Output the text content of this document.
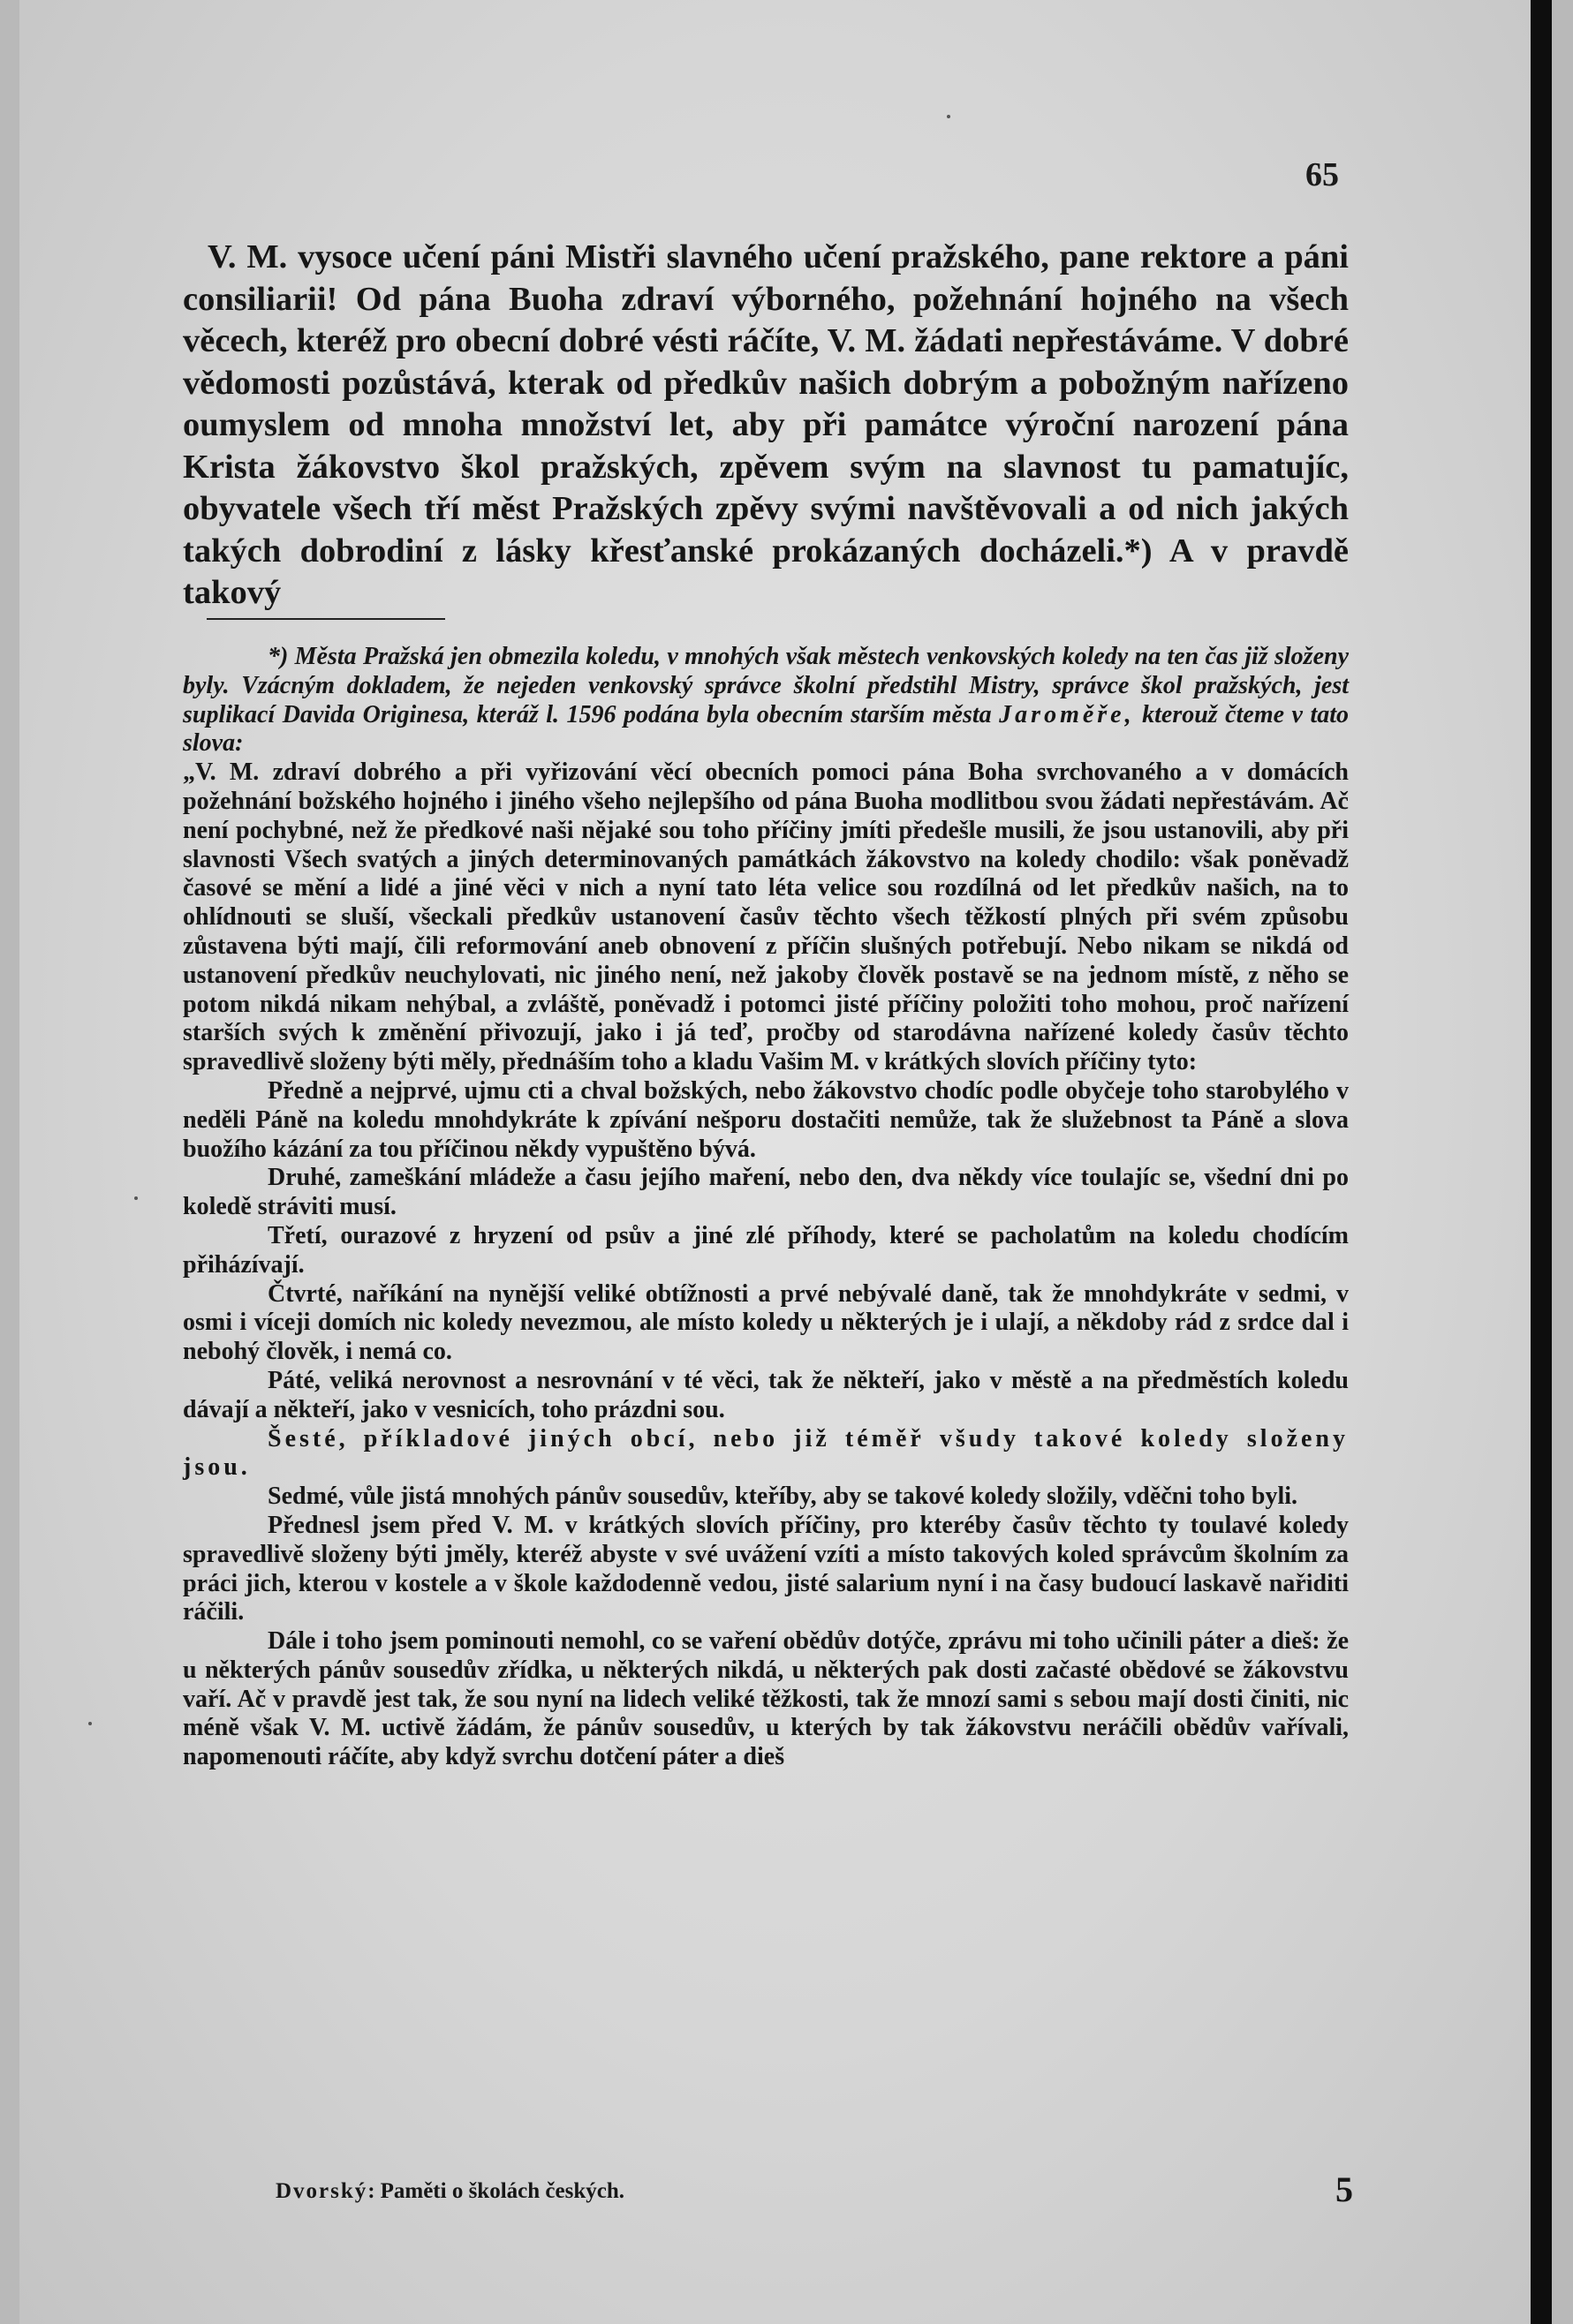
65

V. M. vysoce učení páni Mistři slavného učení pražského, pane rektore a páni consiliarii! Od pána Buoha zdraví výborného, požehnání hojného na všech věcech, kteréž pro obecní dobré vésti ráčíte, V. M. žádati nepřestáváme. V dobré vědomosti pozůstává, kterak od předkův našich dobrým a pobožným nařízeno oumyslem od mnoha množství let, aby při památce výroční narození pána Krista žákovstvo škol pražských, zpěvem svým na slavnost tu pamatujíc, obyvatele všech tří měst Pražských zpěvy svými navštěvovali a od nich jakých takých dobrodiní z lásky křesťanské prokázaných docházeli.*) A v pravdě takový

*) Města Pražská jen obmezila koledu, v mnohých však městech venkovských koledy na ten čas již složeny byly. Vzácným dokladem, že nejeden venkovský správce školní předstihl Mistry, správce škol pražských, jest suplikací Davida Originesa, kteráž l. 1596 podána byla obecním starším města Jaroměře, kterouž čteme v tato slova:

„V. M. zdraví dobrého a při vyřizování věcí obecních pomoci pána Boha svrchovaného a v domácích požehnání božského hojného i jiného všeho nejlepšího od pána Buoha modlitbou svou žádati nepřestávám. Ač není pochybné, než že předkové naši nějaké sou toho příčiny jmíti předešle musili, že jsou ustanovili, aby při slavnosti Všech svatých a jiných determinovaných památkách žákovstvo na koledy chodilo: však poněvadž časové se mění a lidé a jiné věci v nich a nyní tato léta velice sou rozdílná od let předkův našich, na to ohlídnouti se sluší, všeckali předkův ustanovení časův těchto všech těžkostí plných při svém způsobu zůstavena býti mají, čili reformování aneb obnovení z příčin slušných potřebují. Nebo nikam se nikdá od ustanovení předkův neuchylovati, nic jiného není, než jakoby člověk postavě se na jednom místě, z něho se potom nikdá nikam nehýbal, a zvláště, poněvadž i potomci jisté příčiny položiti toho mohou, proč nařízení starších svých k změnění přivozují, jako i já teď, pročby od starodávna nařízené koledy časův těchto spravedlivě složeny býti měly, přednáším toho a kladu Vašim M. v krátkých slovích příčiny tyto:

Předně a nejprvé, ujmu cti a chval božských, nebo žákovstvo chodíc podle obyčeje toho starobylého v neděli Páně na koledu mnohdykráte k zpívání nešporu dostačiti nemůže, tak že služebnost ta Páně a slova buožího kázání za tou příčinou někdy vypuštěno bývá.

Druhé, zameškání mládeže a času jejího maření, nebo den, dva někdy více toulajíc se, všední dni po koledě stráviti musí.

Třetí, ourazové z hryzení od psův a jiné zlé příhody, které se pacholatům na koledu chodícím přiházívají.

Čtvrté, naříkání na nynější veliké obtížnosti a prvé nebývalé daně, tak že mnohdykráte v sedmi, v osmi i víceji domích nic koledy nevezmou, ale místo koledy u některých je i ulají, a někdoby rád z srdce dal i nebohý člověk, i nemá co.

Páté, veliká nerovnost a nesrovnání v té věci, tak že někteří, jako v městě a na předměstích koledu dávají a někteří, jako v vesnicích, toho prázdni sou.

Šesté, příkladové jiných obcí, nebo již téměř všudy takové koledy složeny jsou.

Sedmé, vůle jistá mnohých pánův sousedův, kteříby, aby se takové koledy složily, vděčni toho byli.

Přednesl jsem před V. M. v krátkých slovích příčiny, pro kteréby časův těchto ty toulavé koledy spravedlivě složeny býti jměly, kteréž abyste v své uvážení vzíti a místo takových koled správcům školním za práci jich, kterou v kostele a v škole každodenně vedou, jisté salarium nyní i na časy budoucí laskavě nařiditi ráčili.

Dále i toho jsem pominouti nemohl, co se vaření obědův dotýče, zprávu mi toho učinili páter a dieš: že u některých pánův sousedův zřídka, u některých nikdá, u některých pak dosti začasté obědové se žákovstvu vaří. Ač v pravdě jest tak, že sou nyní na lidech veliké těžkosti, tak že mnozí sami s sebou mají dosti činiti, nic méně však V. M. uctivě žádám, že pánův sousedův, u kterých by tak žákovstvu neráčili obědův vařívali, napomenouti ráčíte, aby když svrchu dotčení páter a dieš

Dvorský: Paměti o školách českých.	5
